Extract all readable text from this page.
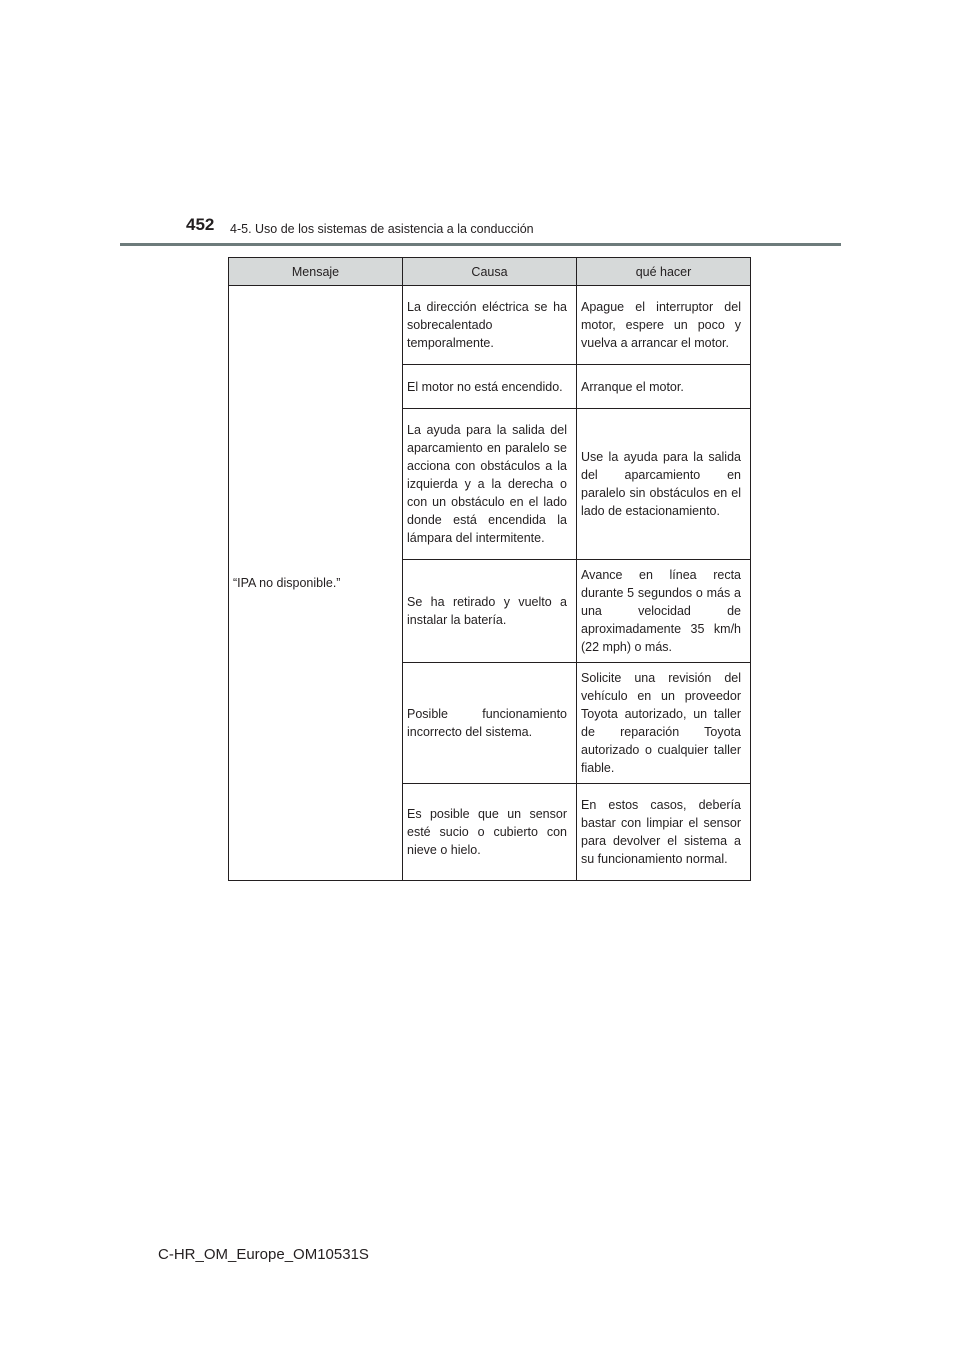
452 4-5. Uso de los sistemas de asistencia a la conducción
Mensaje	Causa	qué hacer
“IPA no disponible.”	La dirección eléctrica se ha sobrecalentado temporalmente.	Apague el interruptor del motor, espere un poco y vuelva a arrancar el motor.
	El motor no está encendido.	Arranque el motor.
	La ayuda para la salida del aparcamiento en paralelo se acciona con obstáculos a la izquierda y a la derecha o con un obstáculo en el lado donde está encendida la lámpara del intermitente.	Use la ayuda para la salida del aparcamiento en paralelo sin obstáculos en el lado de estacionamiento.
	Se ha retirado y vuelto a instalar la batería.	Avance en línea recta durante 5 segundos o más a una velocidad de aproximadamente 35 km/h (22 mph) o más.
	Posible funcionamiento incorrecto del sistema.	Solicite una revisión del vehículo en un proveedor Toyota autorizado, un taller de reparación Toyota autorizado o cualquier taller fiable.
	Es posible que un sensor esté sucio o cubierto con nieve o hielo.	En estos casos, debería bastar con limpiar el sensor para devolver el sistema a su funcionamiento normal.
C-HR_OM_Europe_OM10531S
